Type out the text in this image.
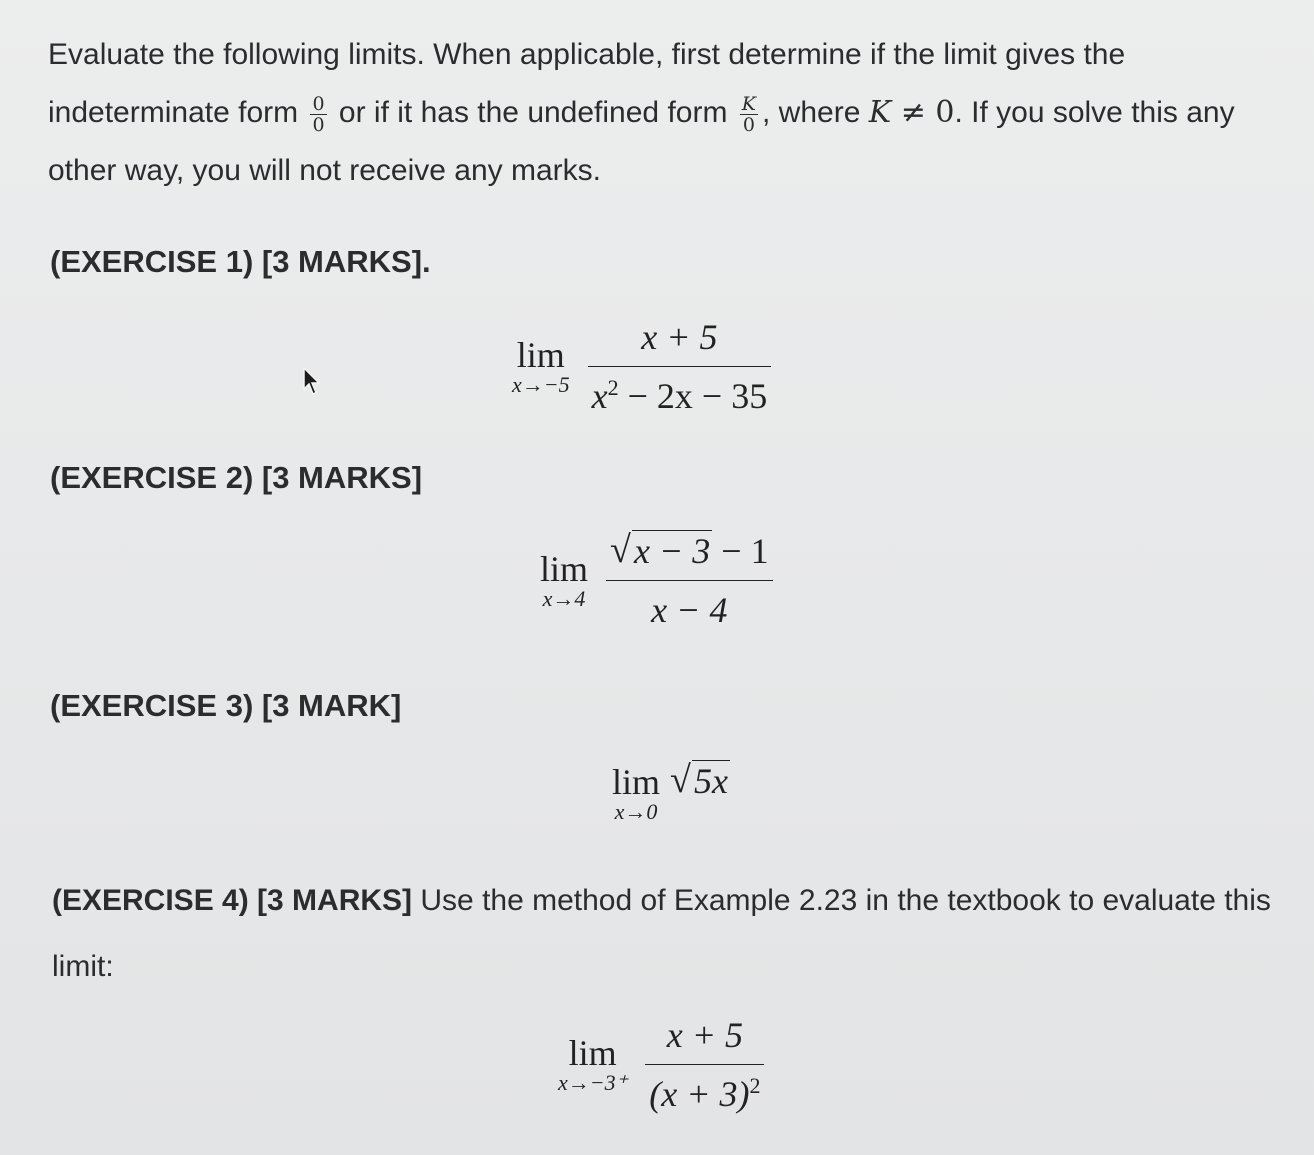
Evaluate the following limits. When applicable, first determine if the limit gives the indeterminate form $\frac{0}{0}$ or if it has the undefined form $\frac{K}{0}$ , where K ≠ 0. If you solve this any other way, you will not receive any marks.
(EXERCISE 1) [3 MARKS].
lim
x→−5
$\frac{x + 5}{x^2 - 2x - 35}$
(EXERCISE 2) [3 MARKS]
lim
x→4
$\frac{√ x - 3 - 1}{x - 4}$
(EXERCISE 3) [3 MARK]
lim
x→0

√ 5x
(EXERCISE 4) [3 MARKS] Use the method of Example 2.23 in the textbook to evaluate this limit:
lim
x→−3⁺
$\frac{x + 5}{(x + 3)^2}$
